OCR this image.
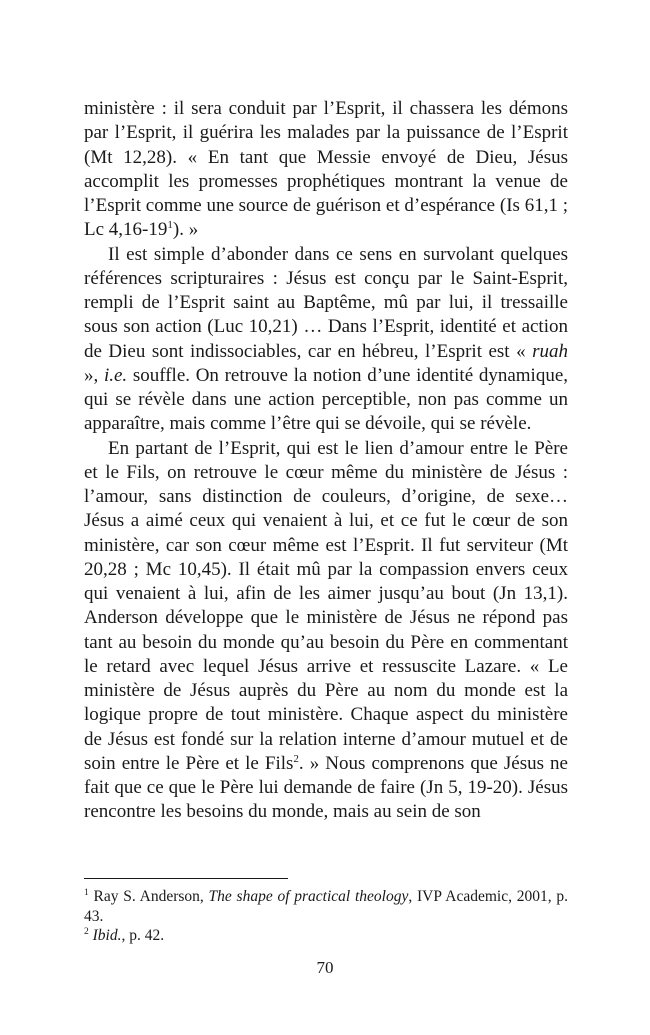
ministère : il sera conduit par l’Esprit, il chassera les démons par l’Esprit, il guérira les malades par la puissance de l’Esprit (Mt 12,28). « En tant que Messie envoyé de Dieu, Jésus accomplit les promesses prophétiques montrant la venue de l’Esprit comme une source de guérison et d’espérance (Is 61,1 ; Lc $4,16-19^1$). »

Il est simple d’abonder dans ce sens en survolant quelques références scripturaires : Jésus est conçu par le Saint-Esprit, rempli de l’Esprit saint au Baptême, mû par lui, il tressaille sous son action (Luc 10,21) … Dans l’Esprit, identité et action de Dieu sont indissociables, car en hébreu, l’Esprit est « ruah », i.e. souffle. On retrouve la notion d’une identité dynamique, qui se révèle dans une action perceptible, non pas comme un apparaître, mais comme l’être qui se dévoile, qui se révèle.

En partant de l’Esprit, qui est le lien d’amour entre le Père et le Fils, on retrouve le cœur même du ministère de Jésus : l’amour, sans distinction de couleurs, d’origine, de sexe… Jésus a aimé ceux qui venaient à lui, et ce fut le cœur de son ministère, car son cœur même est l’Esprit. Il fut serviteur (Mt 20,28 ; Mc 10,45). Il était mû par la compassion envers ceux qui venaient à lui, afin de les aimer jusqu’au bout (Jn 13,1). Anderson développe que le ministère de Jésus ne répond pas tant au besoin du monde qu’au besoin du Père en commentant le retard avec lequel Jésus arrive et ressuscite Lazare. « Le ministère de Jésus auprès du Père au nom du monde est la logique propre de tout ministère. Chaque aspect du ministère de Jésus est fondé sur la relation interne d’amour mutuel et de soin entre le Père et le Fils$^2$. » Nous comprenons que Jésus ne fait que ce que le Père lui demande de faire (Jn 5, 19-20). Jésus rencontre les besoins du monde, mais au sein de son

$^1$ Ray S. Anderson, The shape of practical theology, IVP Academic, 2001, p. 43.

$^2$ Ibid., p. 42.

70
